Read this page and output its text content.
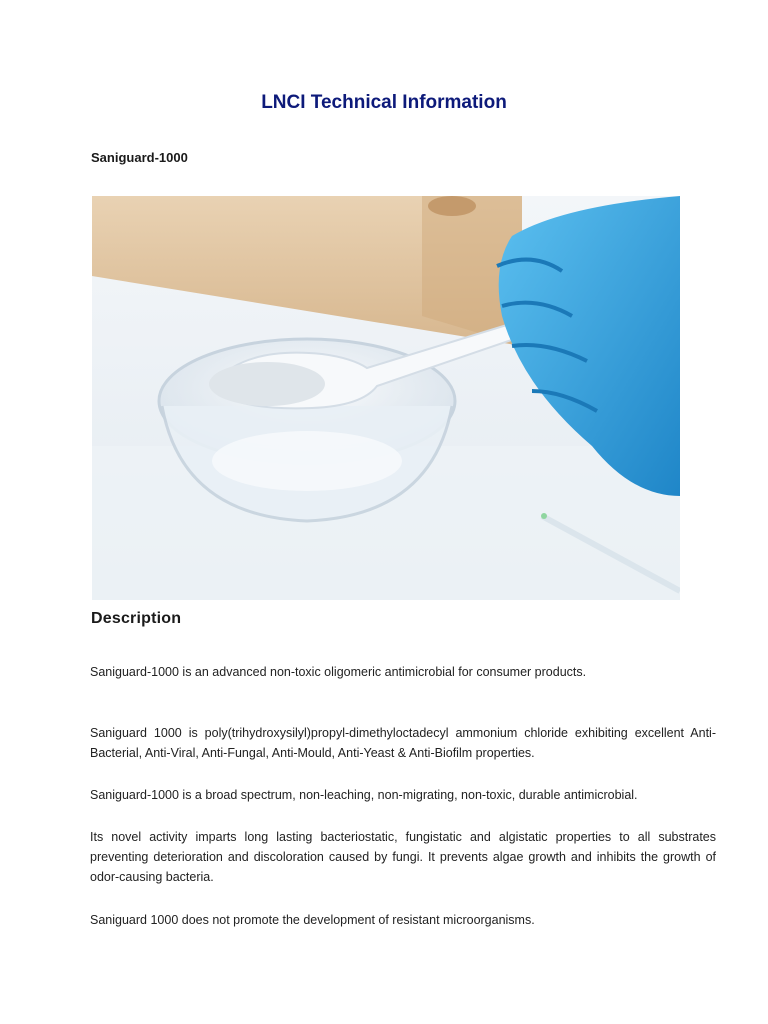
LNCI Technical Information
Saniguard-1000
Description
Saniguard-1000 is an advanced non-toxic oligomeric antimicrobial for consumer products.
Saniguard 1000 is poly(trihydroxysilyl)propyl-dimethyloctadecyl ammonium chloride exhibiting excellent Anti-Bacterial, Anti-Viral, Anti-Fungal, Anti-Mould, Anti-Yeast & Anti-Biofilm properties.
Saniguard-1000 is a broad spectrum, non-leaching, non-migrating, non-toxic, durable antimicrobial.
Its novel activity imparts long lasting bacteriostatic, fungistatic and algistatic properties to all substrates preventing deterioration and discoloration caused by fungi. It prevents algae growth and inhibits the growth of odor-causing bacteria.
Saniguard 1000 does not promote the development of resistant microorganisms.
